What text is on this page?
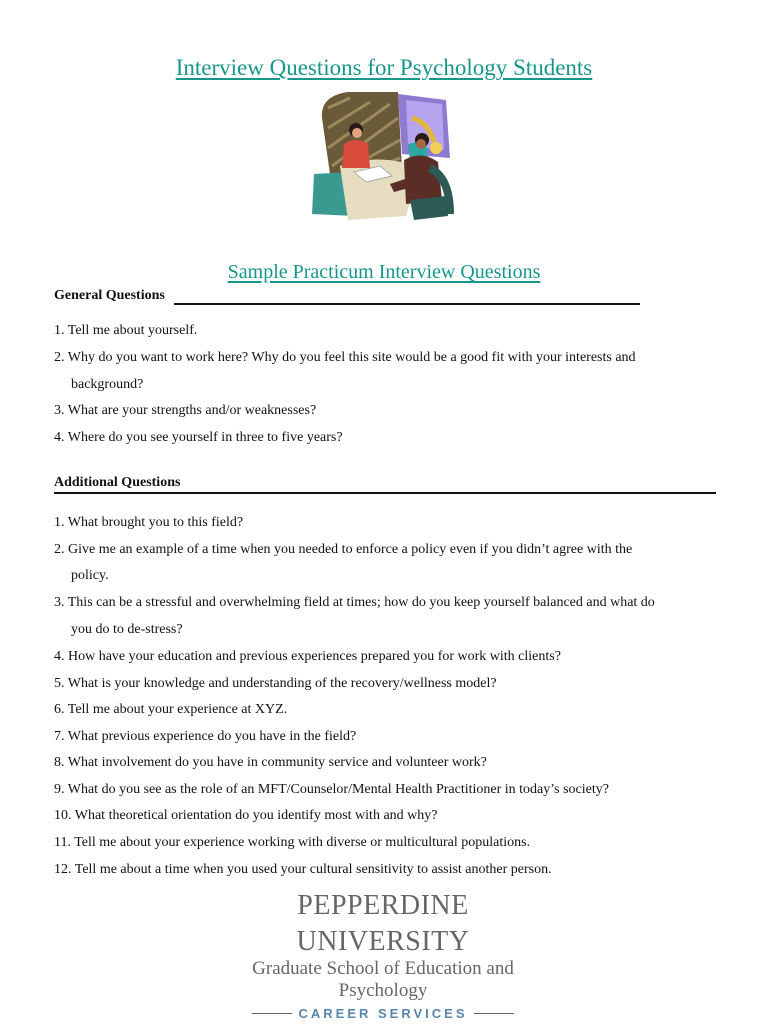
Interview Questions for Psychology Students
Sample Practicum Interview Questions
General Questions
1. Tell me about yourself.
2. Why do you want to work here? Why do you feel this site would be a good fit with your interests and
background?
3. What are your strengths and/or weaknesses?
4. Where do you see yourself in three to five years?
Additional Questions
1. What brought you to this field?
2. Give me an example of a time when you needed to enforce a policy even if you didn’t agree with the
policy.
3. This can be a stressful and overwhelming field at times; how do you keep yourself balanced and what do
you do to de-stress?
4. How have your education and previous experiences prepared you for work with clients?
5. What is your knowledge and understanding of the recovery/wellness model?
6. Tell me about your experience at XYZ.
7. What previous experience do you have in the field?
8. What involvement do you have in community service and volunteer work?
9. What do you see as the role of an MFT/Counselor/Mental Health Practitioner in today’s society?
10. What theoretical orientation do you identify most with and why?
11. Tell me about your experience working with diverse or multicultural populations.
12. Tell me about a time when you used your cultural sensitivity to assist another person.
PEPPERDINE UNIVERSITY
Graduate School of Education and Psychology
CAREER SERVICES
